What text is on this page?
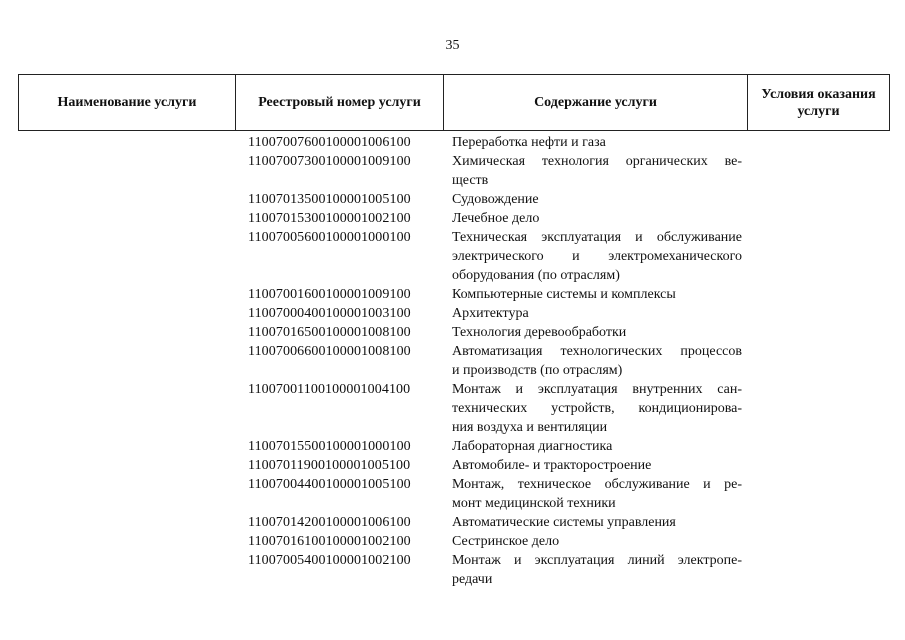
35
Наименование услуги	Реестровый номер услуги	Содержание услуги
Условия оказания услуги
11007007600100001006100	Переработка нефти и газа
11007007300100001009100	Химическая технология органических ве-
ществ
11007013500100001005100	Судовождение
11007015300100001002100	Лечебное дело
11007005600100001000100	Техническая эксплуатация и обслуживание
электрического и электромеханического
оборудования (по отраслям)
11007001600100001009100	Компьютерные системы и комплексы
11007000400100001003100	Архитектура
11007016500100001008100	Технология деревообработки
11007006600100001008100	Автоматизация технологических процессов
и производств (по отраслям)
11007001100100001004100	Монтаж и эксплуатация внутренних сан-
технических устройств, кондиционирова-
ния воздуха и вентиляции
11007015500100001000100	Лабораторная диагностика
11007011900100001005100	Автомобиле- и тракторостроение
11007004400100001005100	Монтаж, техническое обслуживание и ре-
монт медицинской техники
11007014200100001006100	Автоматические системы управления
11007016100100001002100	Сестринское дело
11007005400100001002100	Монтаж и эксплуатация линий электропе-
редачи
